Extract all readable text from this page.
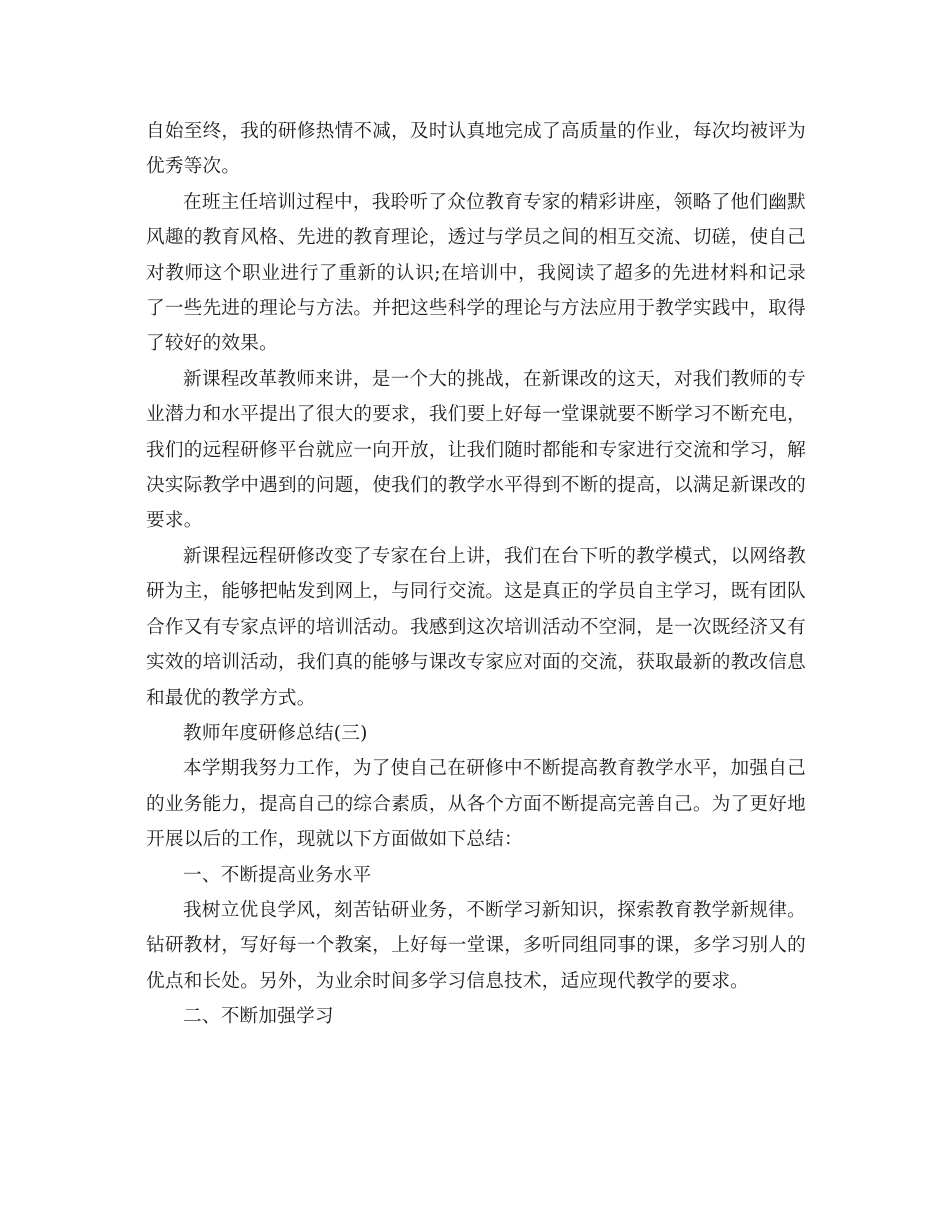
自始至终，我的研修热情不减，及时认真地完成了高质量的作业，每次均被评为优秀等次。

在班主任培训过程中，我聆听了众位教育专家的精彩讲座，领略了他们幽默风趣的教育风格、先进的教育理论，透过与学员之间的相互交流、切磋，使自己对教师这个职业进行了重新的认识;在培训中，我阅读了超多的先进材料和记录了一些先进的理论与方法。并把这些科学的理论与方法应用于教学实践中，取得了较好的效果。

新课程改革教师来讲，是一个大的挑战，在新课改的这天，对我们教师的专业潜力和水平提出了很大的要求，我们要上好每一堂课就要不断学习不断充电，我们的远程研修平台就应一向开放，让我们随时都能和专家进行交流和学习，解决实际教学中遇到的问题，使我们的教学水平得到不断的提高，以满足新课改的要求。

新课程远程研修改变了专家在台上讲，我们在台下听的教学模式，以网络教研为主，能够把帖发到网上，与同行交流。这是真正的学员自主学习，既有团队合作又有专家点评的培训活动。我感到这次培训活动不空洞，是一次既经济又有实效的培训活动，我们真的能够与课改专家应对面的交流，获取最新的教改信息和最优的教学方式。

教师年度研修总结(三)

本学期我努力工作，为了使自己在研修中不断提高教育教学水平，加强自己的业务能力，提高自己的综合素质，从各个方面不断提高完善自己。为了更好地开展以后的工作，现就以下方面做如下总结：

一、不断提高业务水平

我树立优良学风，刻苦钻研业务，不断学习新知识，探索教育教学新规律。钻研教材，写好每一个教案，上好每一堂课，多听同组同事的课，多学习别人的优点和长处。另外，为业余时间多学习信息技术，适应现代教学的要求。

二、不断加强学习
